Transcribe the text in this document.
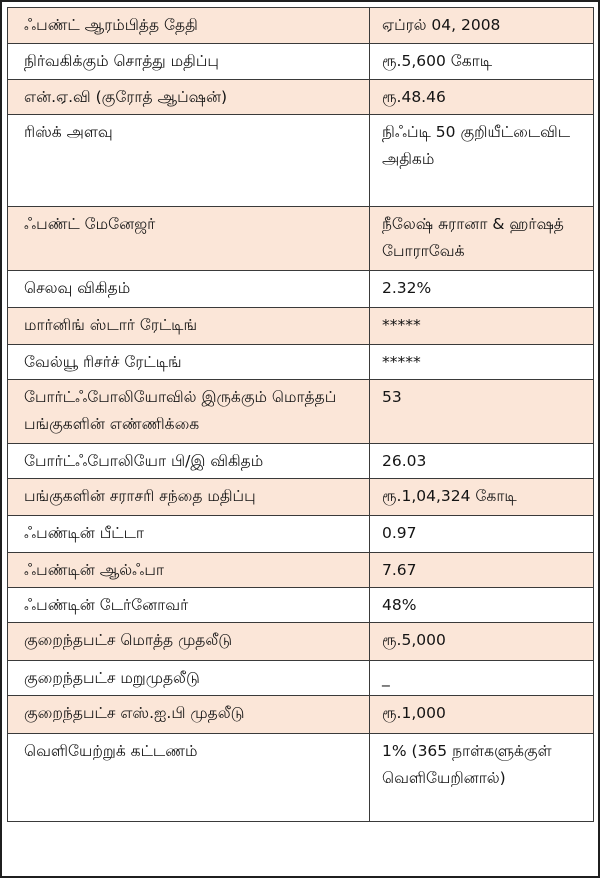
ஃபண்ட் ஆரம்பித்த தேதி	ஏப்ரல் 04, 2008
நிர்வகிக்கும் சொத்து மதிப்பு	ரூ.5,600 கோடி
என்.ஏ.வி (குரோத் ஆப்ஷன்)	ரூ.48.46
ரிஸ்க் அளவு	நிஃப்டி 50 குறியீட்டைவிட அதிகம்
ஃபண்ட் மேனேஜர்	நீலேஷ் சுரானா & ஹர்ஷத் போராவேக்
செலவு விகிதம்	2.32%
மார்னிங் ஸ்டார் ரேட்டிங்	*****
வேல்யூ ரிசர்ச் ரேட்டிங்	*****
போர்ட்ஃபோலியோவில் இருக்கும் மொத்தப் பங்குகளின் எண்ணிக்கை	53
போர்ட்ஃபோலியோ பி/இ விகிதம்	26.03
பங்குகளின் சராசரி சந்தை மதிப்பு	ரூ.1,04,324 கோடி
ஃபண்டின் பீட்டா	0.97
ஃபண்டின் ஆல்ஃபா	7.67
ஃபண்டின் டேர்னோவர்	48%
குறைந்தபட்ச மொத்த முதலீடு	ரூ.5,000
குறைந்தபட்ச மறுமுதலீடு	_
குறைந்தபட்ச எஸ்.ஐ.பி முதலீடு	ரூ.1,000
வெளியேற்றுக் கட்டணம்	1% (365 நாள்களுக்குள் வெளியேறினால்)
